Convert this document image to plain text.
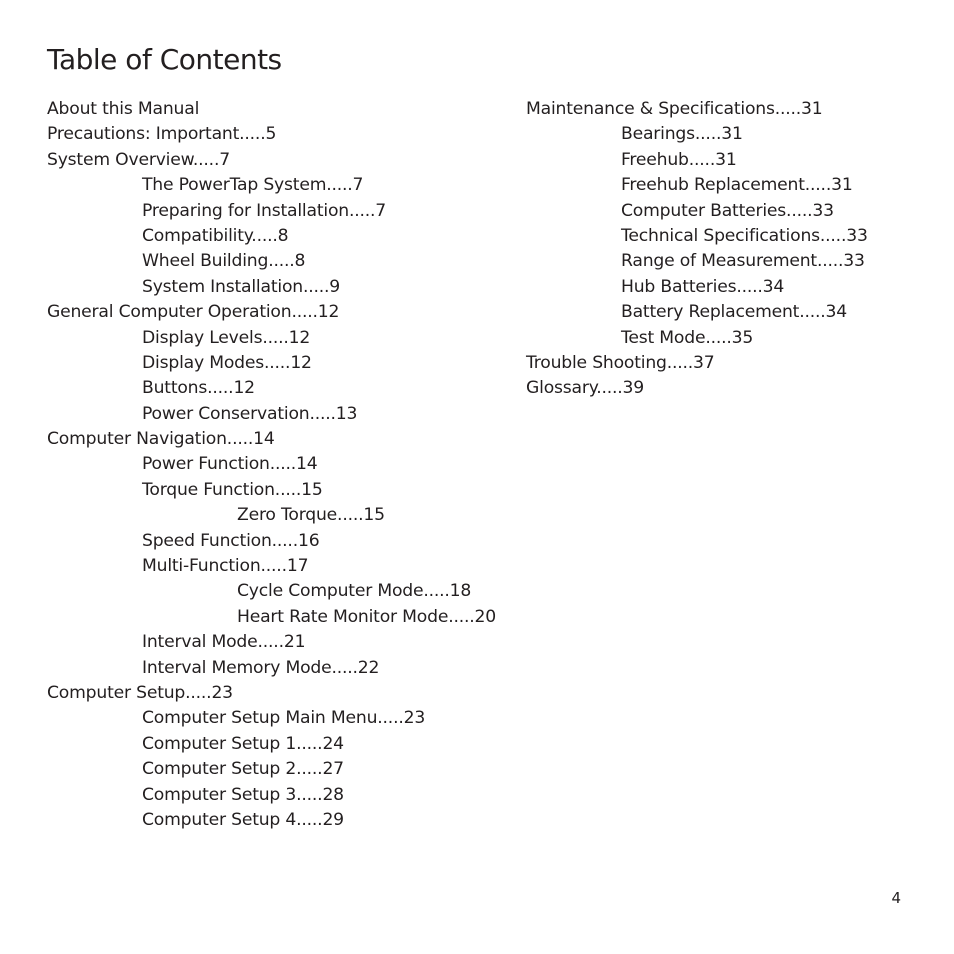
Table of Contents
About this Manual
Precautions: Important.....5
System Overview.....7
The PowerTap System.....7
Preparing for Installation.....7
Compatibility.....8
Wheel Building.....8
System Installation.....9
General Computer Operation.....12
Display Levels.....12
Display Modes.....12
Buttons.....12
Power Conservation.....13
Computer Navigation.....14
Power Function.....14
Torque Function.....15
Zero Torque.....15
Speed Function.....16
Multi-Function.....17
Cycle Computer Mode.....18
Heart Rate Monitor Mode.....20
Interval Mode.....21
Interval Memory Mode.....22
Computer Setup.....23
Computer Setup Main Menu.....23
Computer Setup 1.....24
Computer Setup 2.....27
Computer Setup 3.....28
Computer Setup 4.....29
Maintenance & Specifications.....31
Bearings.....31
Freehub.....31
Freehub Replacement.....31
Computer Batteries.....33
Technical Specifications.....33
Range of Measurement.....33
Hub Batteries.....34
Battery Replacement.....34
Test Mode.....35
Trouble Shooting.....37
Glossary.....39
4
